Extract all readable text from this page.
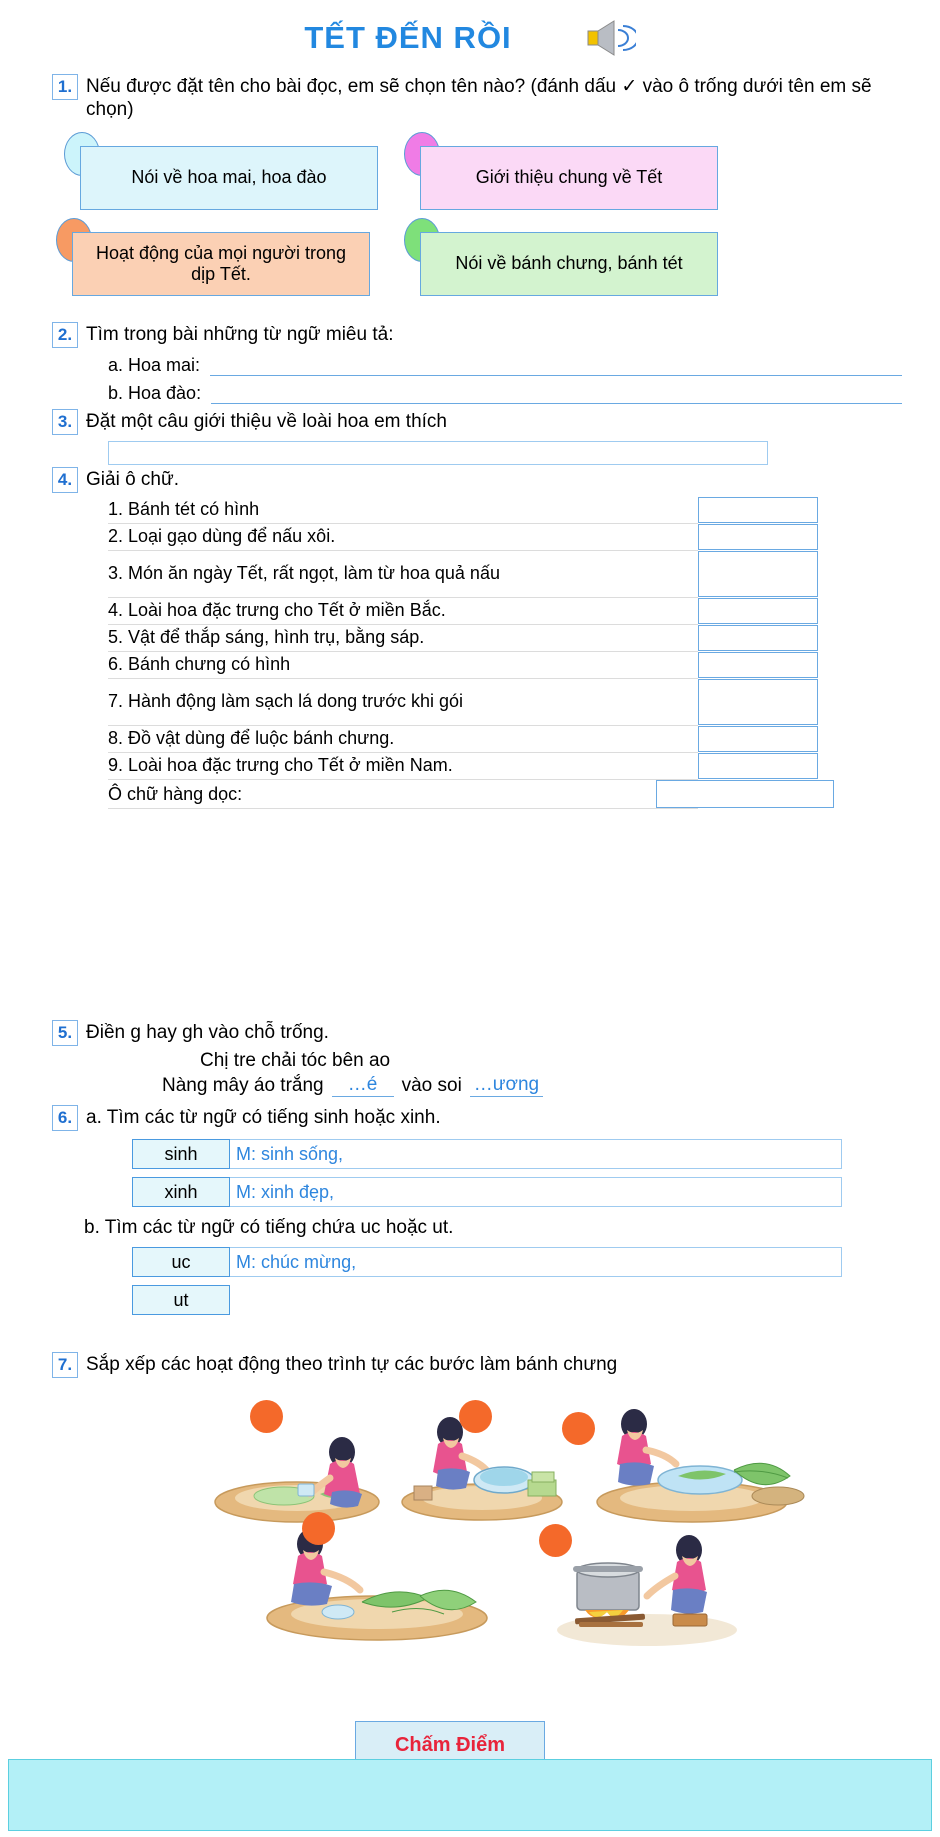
TẾT ĐẾN RỒI
1. Nếu được đặt tên cho bài đọc, em sẽ chọn tên nào? (đánh dấu ✓ vào ô trống dưới tên em sẽ chọn)
Nói về hoa mai, hoa đào	Giới thiệu chung về Tết
Hoạt động của mọi người trong dịp Tết.
Nói về bánh chưng, bánh tét
2. Tìm trong bài những từ ngữ miêu tả:
a. Hoa mai:
b. Hoa đào:
3. Đặt một câu giới thiệu về loài hoa em thích
4. Giải ô chữ.
1. Bánh tét có hình	

2. Loại gạo dùng để nấu xôi.	

3. Món ăn ngày Tết, rất ngọt, làm từ hoa quả nấu	

4. Loài hoa đặc trưng cho Tết ở miền Bắc.	

5. Vật để thắp sáng, hình trụ, bằng sáp.	

6. Bánh chưng có hình	

7. Hành động làm sạch lá dong trước khi gói	

8. Đồ vật dùng để luộc bánh chưng.	

9. Loài hoa đặc trưng cho Tết ở miền Nam.	

Ô chữ hàng dọc:	
5. Điền g hay gh vào chỗ trống.
Chị tre chải tóc bên ao
Nàng mây áo trắng	…é	vào soi …ương
6. a. Tìm các từ ngữ có tiếng sinh hoặc xinh.
sinh	M: sinh sống,
xinh	M: xinh đẹp,
b. Tìm các từ ngữ có tiếng chứa uc hoặc ut.
uc	M: chúc mừng,
ut
7. Sắp xếp các hoạt động theo trình tự các bước làm bánh chưng
Chấm Điểm
